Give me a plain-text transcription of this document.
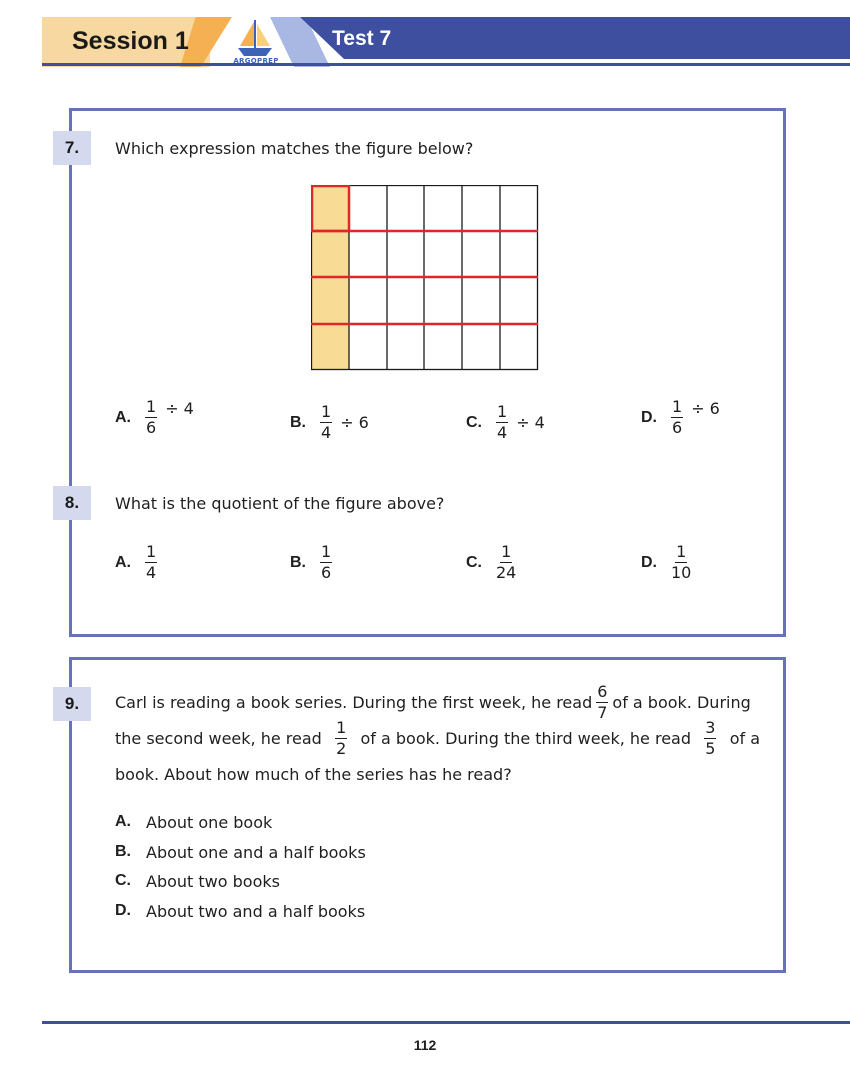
Session 1	Test 7
ARGOPREP
7.	Which expression matches the figure below?
A. $\frac{1}{6} \div 4$
B. $\frac{1}{4} \div 6$	C. $\frac{1}{4} \div 4$	D. $\frac{1}{6} \div 6$
8.	What is the quotient of the figure above?
A. $\frac{1}{4}$	B. $\frac{1}{6}$	C. $\frac{1}{24}$	D. $\frac{1}{10}$
9. Carl is reading a book series. During the first week, he read $\frac{6}{7}$ of a book. During
the second week, he read $\frac{1}{2}$ of a book. During the third week, he read $\frac{3}{5}$ of a
book. About how much of the series has he read?
A. About one book
B. About one and a half books
C. About two books
D. About two and a half books
112
